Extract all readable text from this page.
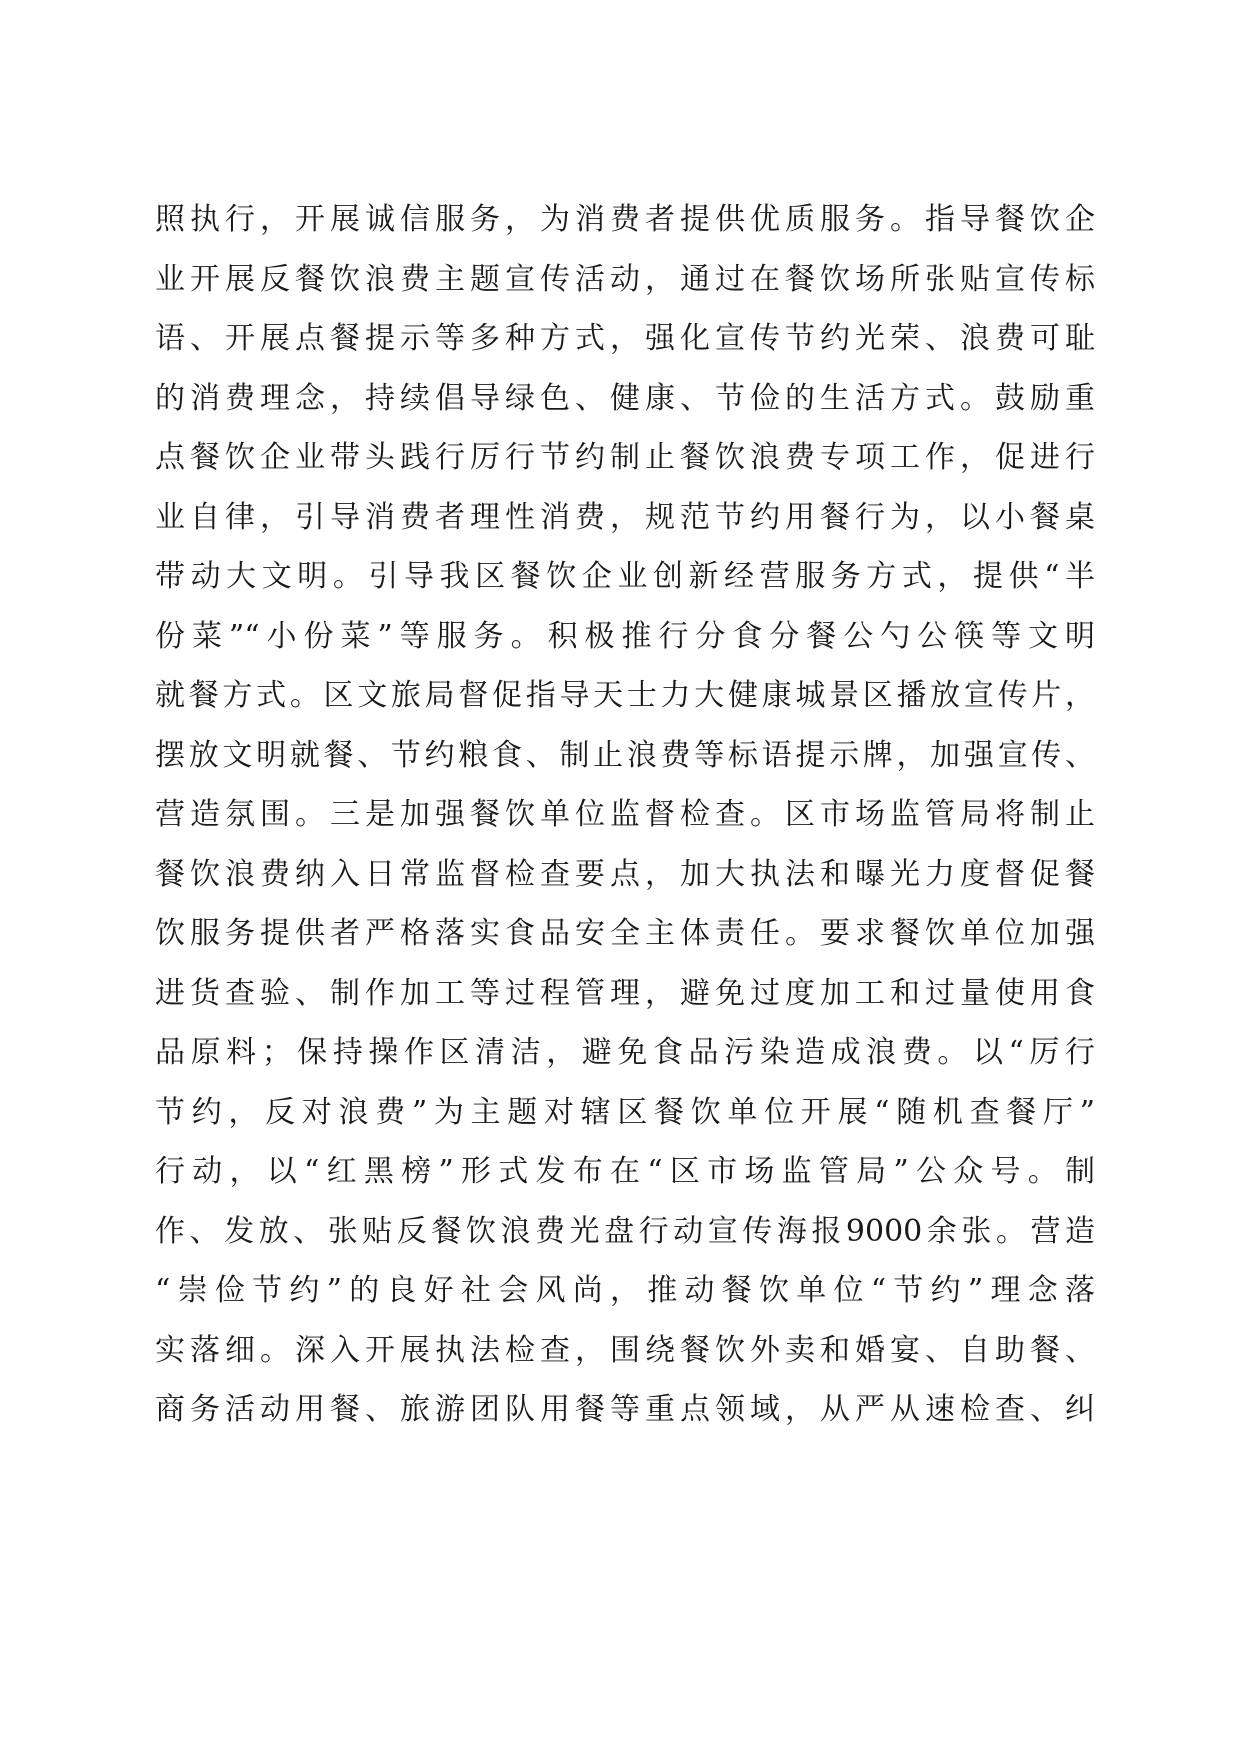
照执行，开展诚信服务，为消费者提供优质服务。指导餐饮企
业开展反餐饮浪费主题宣传活动，通过在餐饮场所张贴宣传标
语、开展点餐提示等多种方式，强化宣传节约光荣、浪费可耻
的消费理念，持续倡导绿色、健康、节俭的生活方式。鼓励重
点餐饮企业带头践行厉行节约制止餐饮浪费专项工作，促进行
业自律，引导消费者理性消费，规范节约用餐行为，以小餐桌
带动大文明。引导我区餐饮企业创新经营服务方式，提供“半
份菜”“小份菜”等服务。积极推行分食分餐公勺公筷等文明
就餐方式。区文旅局督促指导天士力大健康城景区播放宣传片，
摆放文明就餐、节约粮食、制止浪费等标语提示牌，加强宣传、
营造氛围。三是加强餐饮单位监督检查。区市场监管局将制止
餐饮浪费纳入日常监督检查要点，加大执法和曝光力度督促餐
饮服务提供者严格落实食品安全主体责任。要求餐饮单位加强
进货查验、制作加工等过程管理，避免过度加工和过量使用食
品原料；保持操作区清洁，避免食品污染造成浪费。以“厉行
节约，反对浪费”为主题对辖区餐饮单位开展“随机查餐厅”
行动，以“红黑榜”形式发布在“区市场监管局”公众号。制
作、发放、张贴反餐饮浪费光盘行动宣传海报9000余张。营造
“崇俭节约”的良好社会风尚，推动餐饮单位“节约”理念落
实落细。深入开展执法检查，围绕餐饮外卖和婚宴、自助餐、
商务活动用餐、旅游团队用餐等重点领域，从严从速检查、纠
